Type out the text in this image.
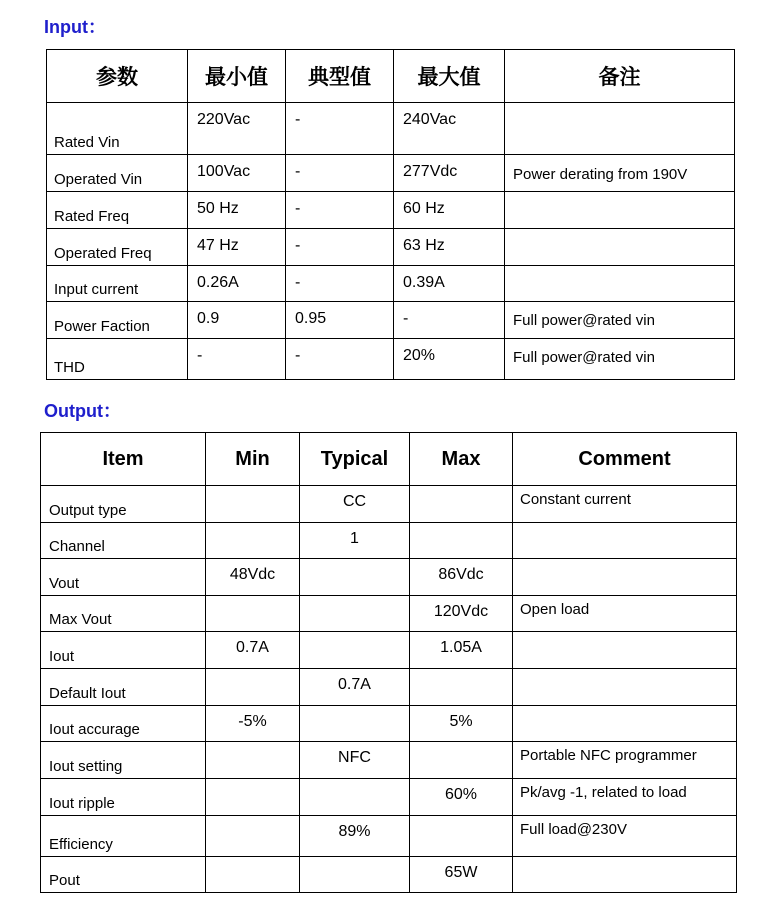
Input：
参数	最小值	典型值	最大值	备注
Rated Vin	220Vac	-	240Vac	
Operated Vin	100Vac	-	277Vdc	Power derating from 190V
Rated Freq	50 Hz	-	60 Hz	
Operated Freq	47 Hz	-	63 Hz	
Input current	0.26A	-	0.39A	
Power Faction	0.9	0.95	-	Full power@rated vin
THD	-	-	20%	Full power@rated vin
Output：
Item	Min	Typical	Max	Comment
Output type		CC		Constant current
Channel		1		
Vout	48Vdc		86Vdc	
Max Vout			120Vdc	Open load
Iout	0.7A		1.05A	
Default Iout		0.7A		
Iout accurage	-5%		5%	
Iout setting		NFC		Portable NFC programmer
Iout ripple			60%	Pk/avg -1, related to load
Efficiency		89%		Full load@230V
Pout			65W	
